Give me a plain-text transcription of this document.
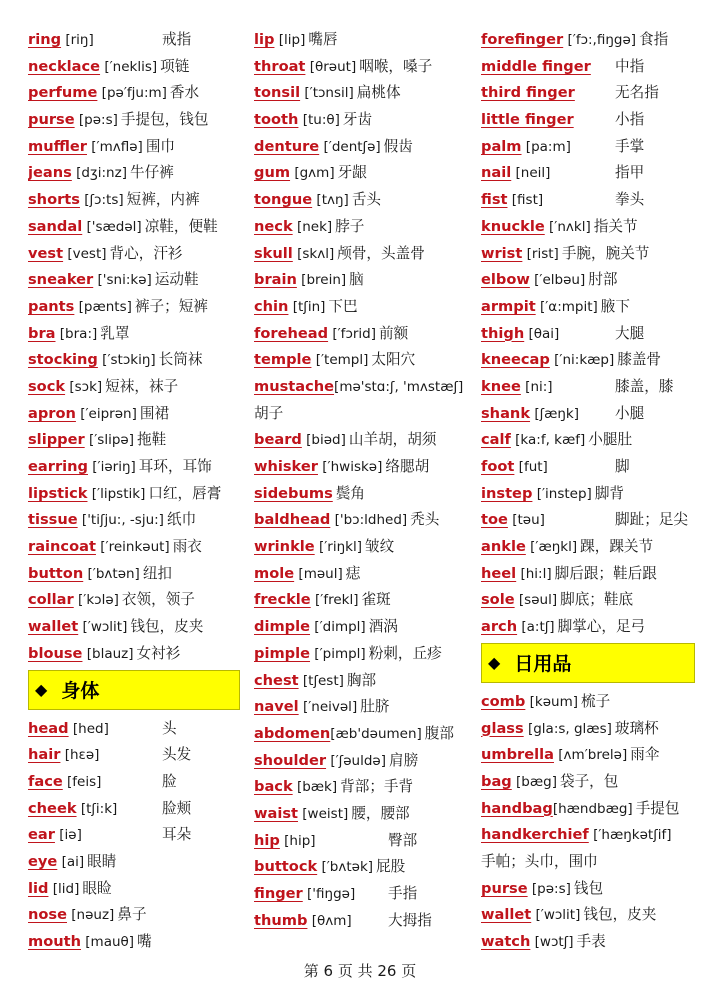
ring [riŋ]	戒指
necklace [′neklis] 项链
perfume [pə′fju:m] 香水
purse [pə:s] 手提包，钱包
muffler [′mʌflə] 围巾
jeans [dʒi:nz] 牛仔裤
shorts [ʃɔ:ts] 短裤，内裤
sandal ['sædəl] 凉鞋，便鞋
vest [vest] 背心，汗衫
sneaker ['sni:kə] 运动鞋
pants [pænts] 裤子；短裤
bra [bra:] 乳罩
stocking [′stɔkiŋ] 长筒袜
sock [sɔk] 短袜，袜子
apron [′eiprən] 围裙
slipper [′slipə] 拖鞋
earring [′iəriŋ] 耳环，耳饰
lipstick [′lipstik] 口红，唇膏
tissue ['tiʃju:, -sju:] 纸巾
raincoat [′reinkəut] 雨衣
button [′bʌtən] 纽扣
collar [′kɔlə] 衣领，领子
wallet [′wɔlit] 钱包，皮夹
blouse [blauz] 女衬衫
◆ 身体
head [hed]	头
hair [hɛə]	头发
face [feis]	脸
cheek [tʃi:k]	脸颊
ear [iə]	耳朵
eye [ai] 眼睛
lid [lid] 眼睑
nose [nəuz] 鼻子
mouth [mauθ] 嘴
lip [lip] 嘴唇
throat [θrəut] 咽喉，嗓子
tonsil [′tɔnsil] 扁桃体
tooth [tu:θ] 牙齿
denture [′dentʃə] 假齿
gum [gʌm] 牙龈
tongue [tʌŋ] 舌头
neck [nek] 脖子
skull [skʌl] 颅骨，头盖骨
brain [brein] 脑
chin [tʃin] 下巴
forehead [′fɔrid] 前额
temple [′templ] 太阳穴
mustache[mə'stɑ:ʃ, 'mʌstæʃ]
胡子
beard [biəd] 山羊胡，胡须
whisker [′hwiskə] 络腮胡
sidebums 鬓角
baldhead ['bɔ:ldhed] 秃头
wrinkle [′riŋkl] 皱纹
mole [məul] 痣
freckle [′frekl] 雀斑
dimple [′dimpl] 酒涡
pimple [′pimpl] 粉刺，丘疹
chest [tʃest] 胸部
navel [′neivəl] 肚脐
abdomen[æb'dəumen] 腹部
shoulder [′ʃəuldə] 肩膀
back [bæk] 背部；手背
waist [weist] 腰，腰部
hip [hip]	臀部
buttock [′bʌtək] 屁股
finger ['fiŋgə] 手指
thumb [θʌm] 大拇指
forefinger [′fɔ:,fiŋgə] 食指
middle finger 中指
third finger	无名指
little finger	小指
palm [pa:m]	手掌
nail [neil]	指甲
fist [fist]	拳头
knuckle [′nʌkl] 指关节
wrist [rist] 手腕，腕关节
elbow [′elbəu] 肘部
armpit [′α:mpit] 腋下
thigh [θai]	大腿
kneecap [′ni:kæp] 膝盖骨
knee [ni:]	膝盖，膝
shank [ʃæŋk] 小腿
calf [ka:f, kæf] 小腿肚
foot [fut]	脚
instep [′instep] 脚背
toe [təu]	脚趾；足尖
ankle [′æŋkl] 踝，踝关节
heel [hi:l] 脚后跟；鞋后跟
sole [səul] 脚底；鞋底
arch [a:tʃ] 脚掌心，足弓
◆ 日用品
comb [kəum] 梳子
glass [gla:s, glæs] 玻璃杯
umbrella [ʌm′brelə] 雨伞
bag [bæg] 袋子，包
handbag[hændbæg] 手提包
handkerchief [′hæŋkətʃif]
手帕；头巾，围巾
purse [pə:s] 钱包
wallet [′wɔlit] 钱包，皮夹
watch [wɔtʃ] 手表
第 6 页 共 26 页
